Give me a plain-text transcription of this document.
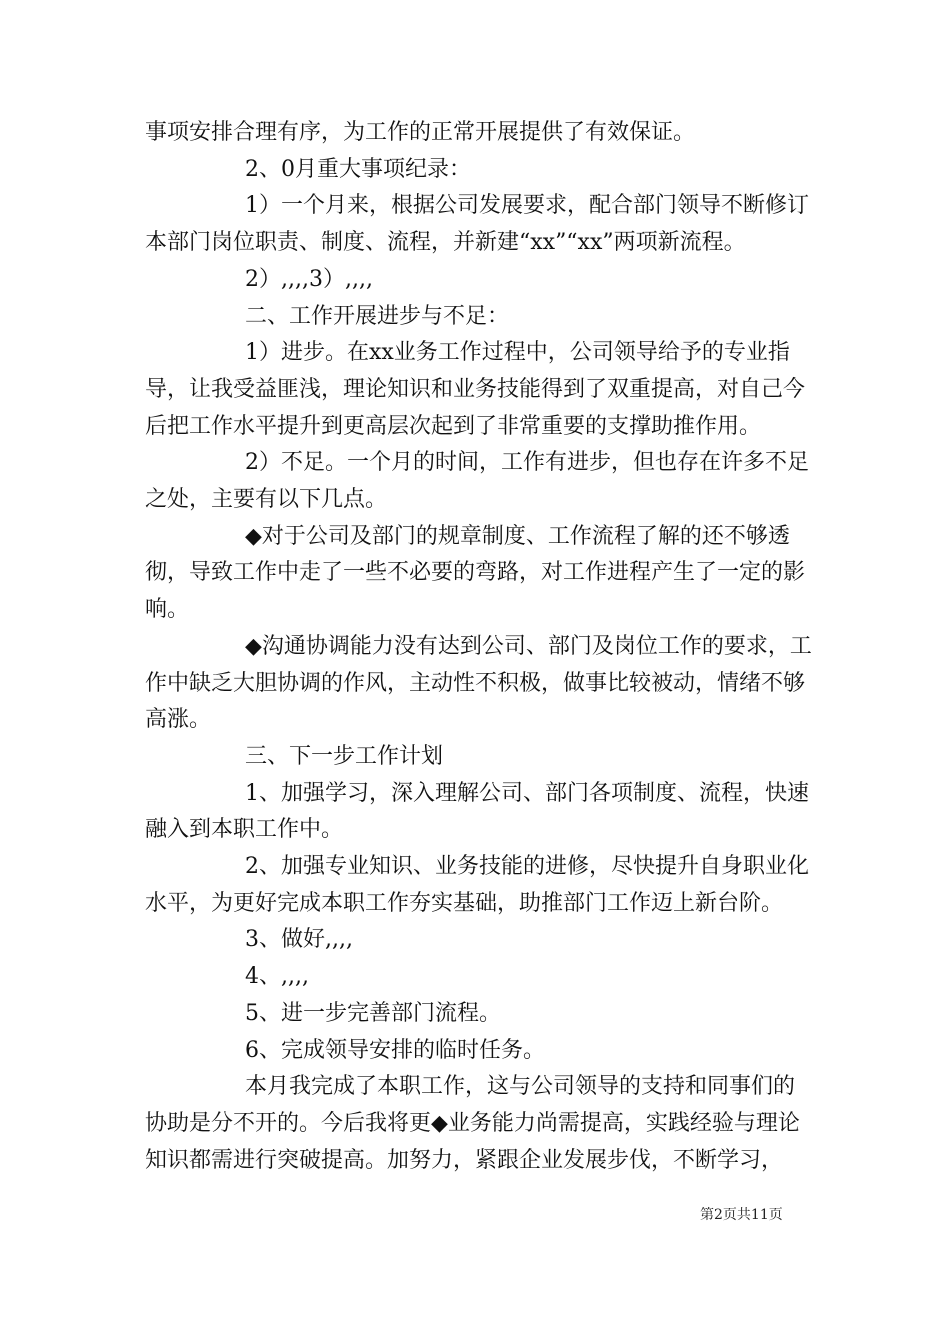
事项安排合理有序，为工作的正常开展提供了有效保证。

2、0月重大事项纪录：

1）一个月来，根据公司发展要求，配合部门领导不断修订本部门岗位职责、制度、流程，并新建“xx”“xx”两项新流程。

2）,,,,3）,,,,

二、工作开展进步与不足：

1）进步。在xx业务工作过程中，公司领导给予的专业指导，让我受益匪浅，理论知识和业务技能得到了双重提高，对自己今后把工作水平提升到更高层次起到了非常重要的支撑助推作用。

2）不足。一个月的时间，工作有进步，但也存在许多不足之处，主要有以下几点。

◆对于公司及部门的规章制度、工作流程了解的还不够透彻，导致工作中走了一些不必要的弯路，对工作进程产生了一定的影响。

◆沟通协调能力没有达到公司、部门及岗位工作的要求，工作中缺乏大胆协调的作风，主动性不积极，做事比较被动，情绪不够高涨。

三、下一步工作计划

1、加强学习，深入理解公司、部门各项制度、流程，快速融入到本职工作中。

2、加强专业知识、业务技能的进修，尽快提升自身职业化水平，为更好完成本职工作夯实基础，助推部门工作迈上新台阶。

3、做好,,,,

4、,,,,

5、进一步完善部门流程。

6、完成领导安排的临时任务。

本月我完成了本职工作，这与公司领导的支持和同事们的协助是分不开的。今后我将更◆业务能力尚需提高，实践经验与理论知识都需进行突破提高。加努力，紧跟企业发展步伐，不断学习，

第2页共11页
